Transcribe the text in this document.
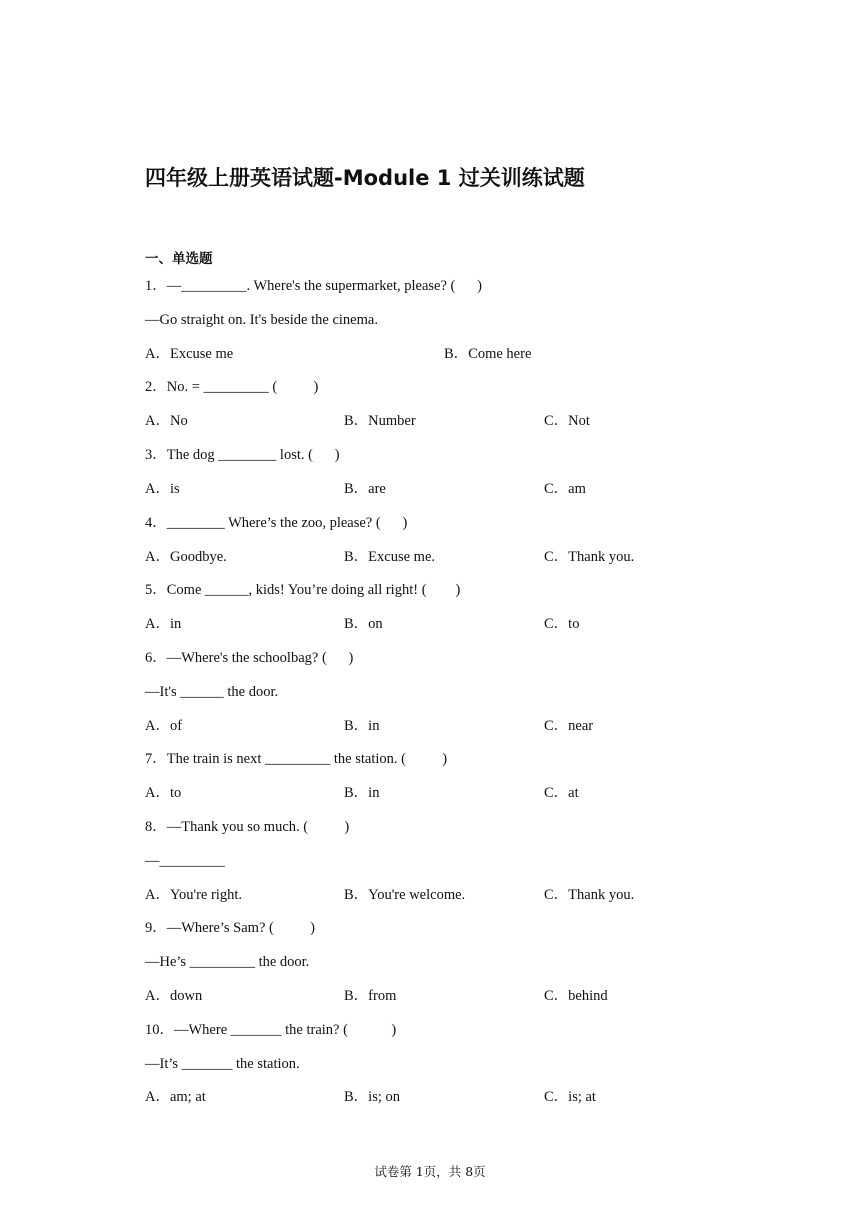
四年级上册英语试题-Module 1 过关训练试题
一、单选题
1．—_________. Where's the supermarket, please? (      )
—Go straight on. It's beside the cinema.
A．Excuse me	B．Come here
2．No. = _________ (          )
A．No	B．Number	C．Not
3．The dog ________ lost. (      )
A．is	B．are	C．am
4．________ Where’s the zoo, please? (      )
A．Goodbye.	B．Excuse me.	C．Thank you.
5．Come ______, kids! You’re doing all right! (        )
A．in	B．on	C．to
6．—Where's the schoolbag? (      )
—It's ______ the door.
A．of	B．in	C．near
7．The train is next _________ the station. (          )
A．to	B．in	C．at
8．—Thank you so much. (          )
—_________
A．You're right.	B．You're welcome.	C．Thank you.
9．—Where’s Sam? (          )
—He’s _________ the door.
A．down	B．from	C．behind
10．—Where _______ the train? (            )
—It’s _______ the station.
A．am; at	B．is; on	C．is; at
试卷第 1页，共 8页
